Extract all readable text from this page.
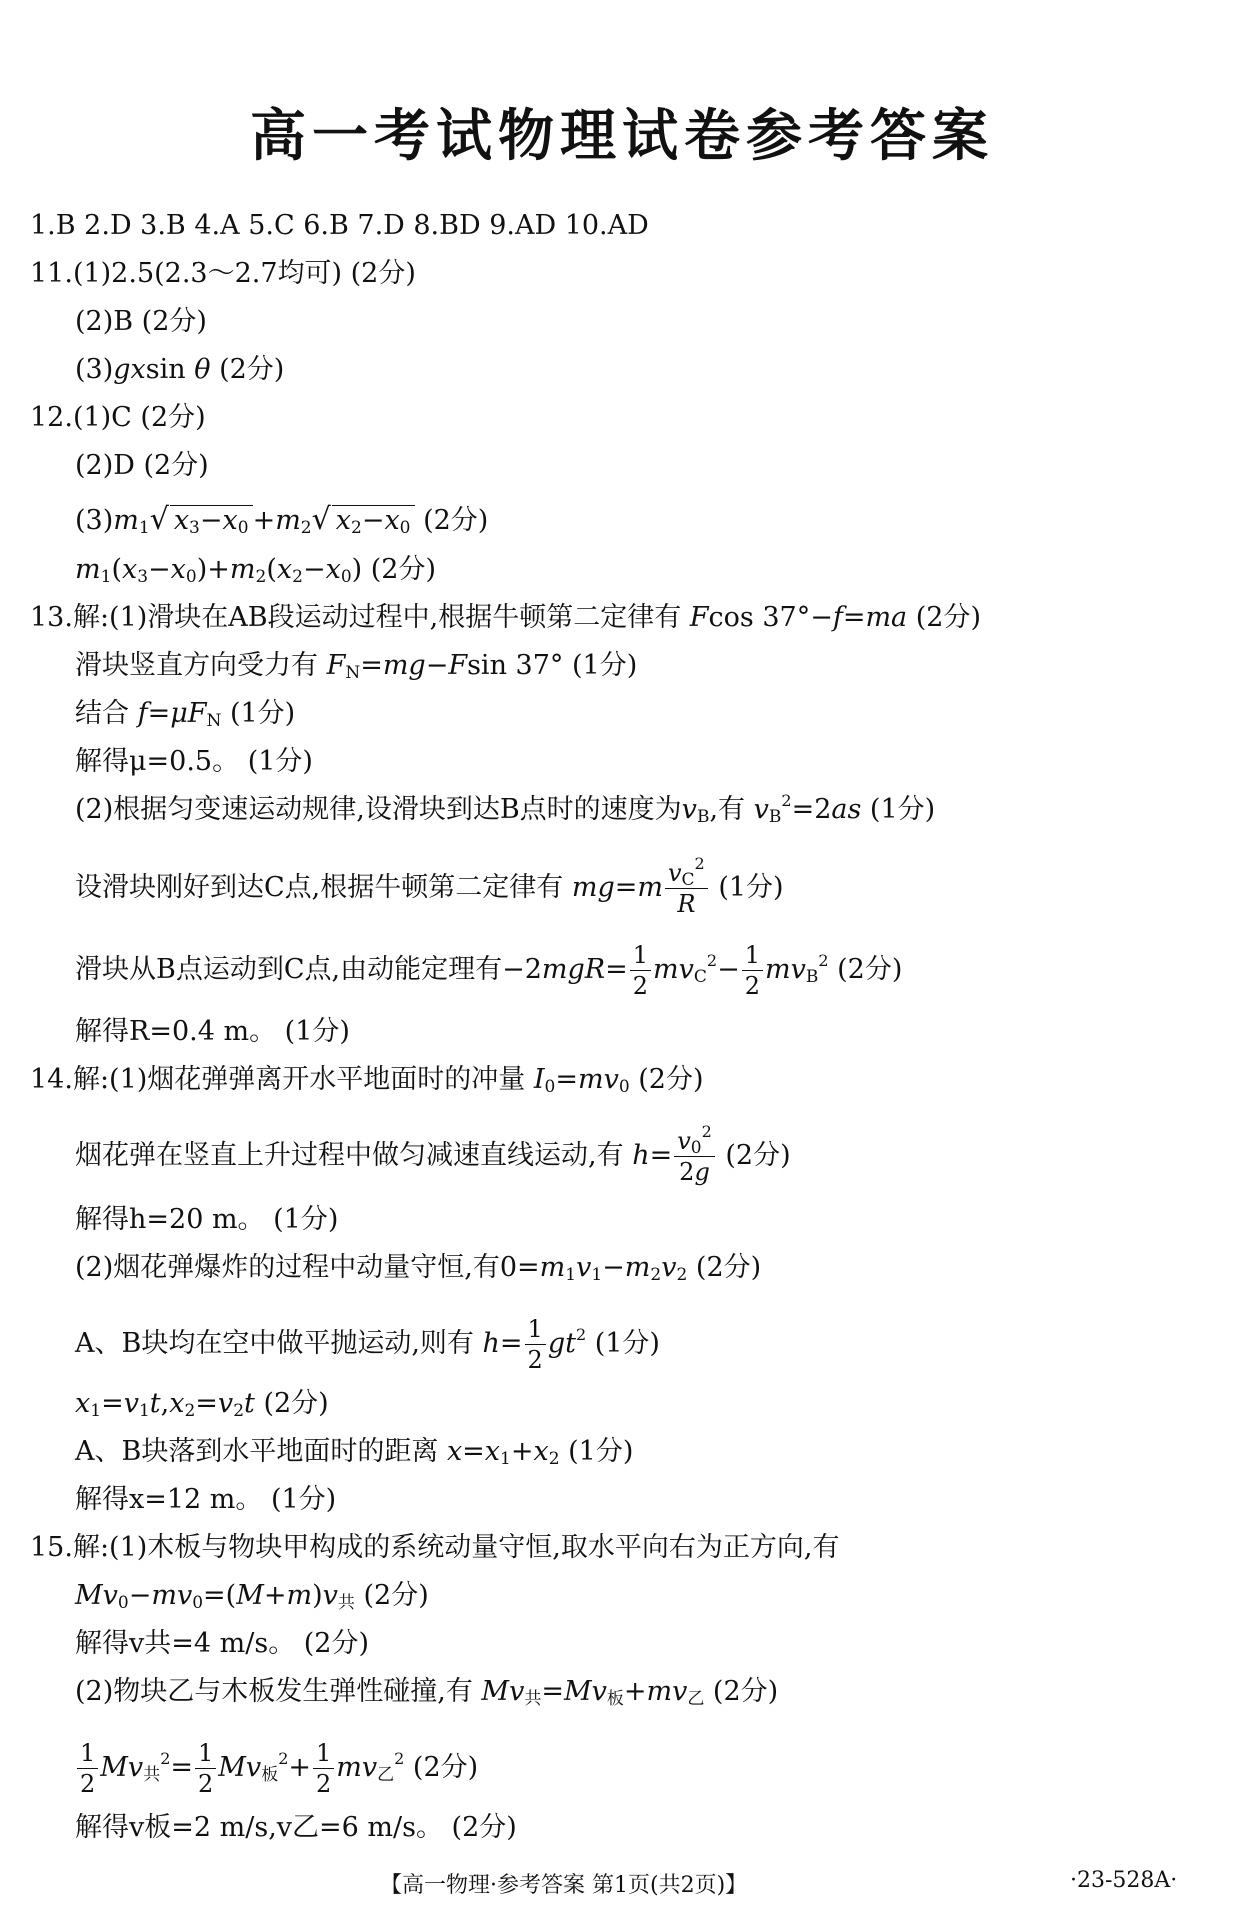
高一考试物理试卷参考答案
1.B 2.D 3.B 4.A 5.C 6.B 7.D 8.BD 9.AD 10.AD
11.(1)2.5(2.3～2.7均可) (2分)
(2)B (2分)
(3)gxsin θ (2分)
12.(1)C (2分)
(2)D (2分)
$(3)m_1√$ $x_3-x_0 +m_2√$ $x_2-x_0$ (2分)
$m_1(x_3-x_0)+m_2(x_2-x_0)$ (2分)
13.解:(1)滑块在AB段运动过程中,根据牛顿第二定律有 Fcos 37°−f=ma (2分)
滑块竖直方向受力有 $F_N=mg-Fsin$ 37° (1分)
结合 $f=\mu F_N$ (1分)
解得μ=0.5。 (1分)
(2)根据匀变速运动规律,设滑块到达B点时的速度为$v_B$,有 $v_B^2=2as$ (1分)
设滑块刚好到达C点,根据牛顿第二定律有 $mg=m \frac{v_C^2}{R} (1$分)
滑块从B点运动到C点,由动能定理有$-2mgR= \frac{1}{2} mv_C^2- \frac{1}{2} mv_B^2$ (2分)
解得R=0.4 m。 (1分)
14.解:(1)烟花弹弹离开水平地面时的冲量 $I_0=mv_0$ (2分)
烟花弹在竖直上升过程中做匀减速直线运动,有 $h= \frac{v_0^2}{2g} (2$分)
解得h=20 m。 (1分)
(2)烟花弹爆炸的过程中动量守恒,有$0=m_1v_1-m_2v_2$ (2分)
A、B块均在空中做平抛运动,则有 $h= \frac{1}{2} gt^2$ (1分)
$x_1=v_1t,x_2=v_2t$ (2分)
A、B块落到水平地面时的距离 $x=x_1+x_2$ (1分)
解得x=12 m。 (1分)
15.解:(1)木板与物块甲构成的系统动量守恒,取水平向右为正方向,有
$Mv_0-mv_0=(M+m)v_共$ (2分)
解得v共=4 m/s。 (2分)
(2)物块乙与木板发生弹性碰撞,有 $Mv_共=Mv_板+mv_乙$ (2分)
$\frac{1}{2} Mv_共^2= \frac{1}{2} Mv_板^2+ \frac{1}{2} mv_乙^2$ (2分)
解得v板=2 m/s,v乙=6 m/s。 (2分)
【高一物理·参考答案 第1页(共2页)】	·23-528A·
